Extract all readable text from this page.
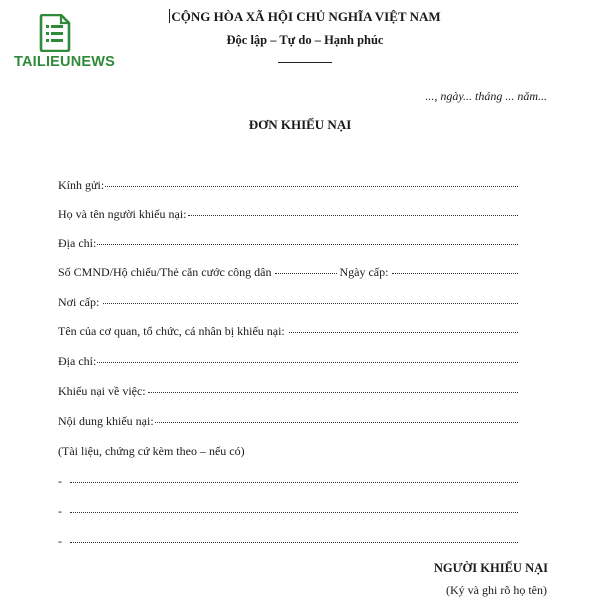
TAILIEUNEWS
CỘNG HÒA XÃ HỘI CHỦ NGHĨA VIỆT NAM
Độc lập – Tự do – Hạnh phúc
..., ngày... tháng ... năm...
ĐƠN KHIẾU NẠI
Kính gửi:
Họ và tên người khiếu nại:
Địa chỉ:
Số CMND/Hộ chiếu/Thẻ căn cước công dân	Ngày cấp:
Nơi cấp:
Tên của cơ quan, tổ chức, cá nhân bị khiếu nại:
Địa chỉ:
Khiếu nại về việc:
Nội dung khiếu nại:
(Tài liệu, chứng cứ kèm theo – nếu có)
-
-
-
NGƯỜI KHIẾU NẠI
(Ký và ghi rõ họ tên)
